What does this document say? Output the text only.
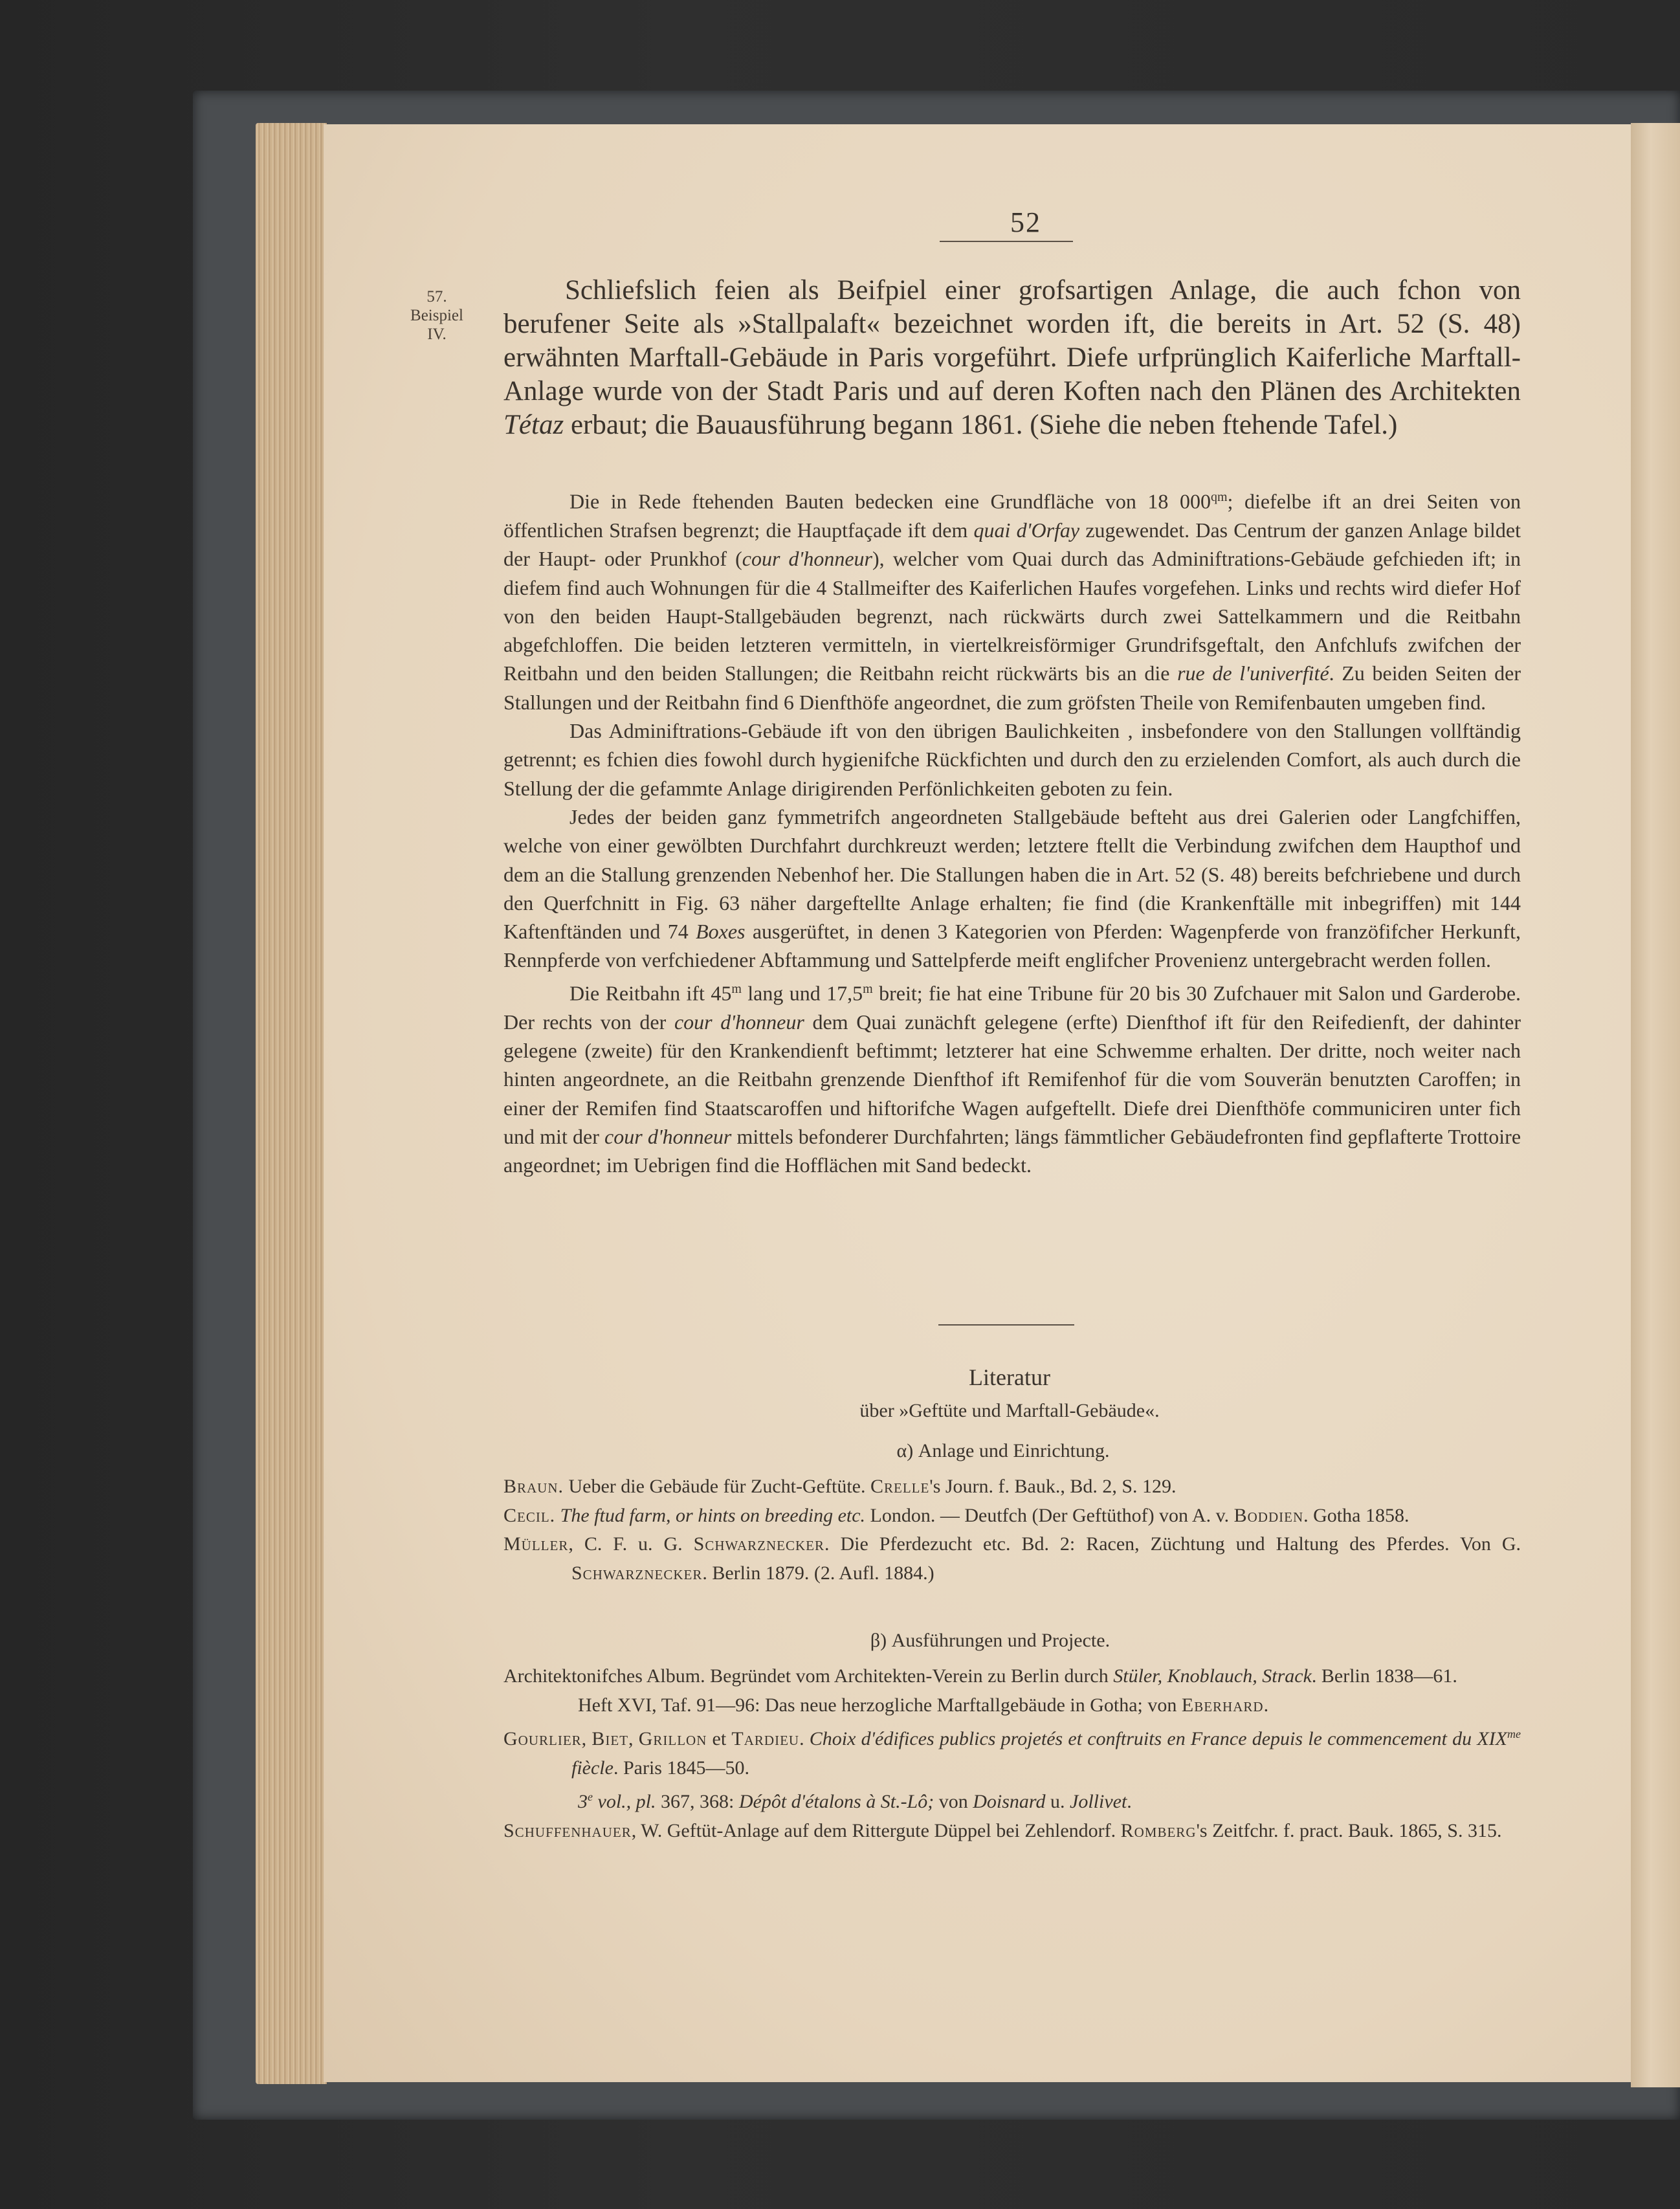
52
57.
Beispiel
IV.

Schliefslich feien als Beifpiel einer grofsartigen Anlage, die auch fchon von berufener Seite als »Stallpalaft« bezeichnet worden ift, die bereits in Art. 52 (S. 48) erwähnten Marftall-Gebäude in Paris vorgeführt. Diefe urfprünglich Kaiferliche Marftall-Anlage wurde von der Stadt Paris und auf deren Koften nach den Plänen des Architekten Tétaz erbaut; die Bauausführung begann 1861. (Siehe die neben ftehende Tafel.)

Die in Rede ftehenden Bauten bedecken eine Grundfläche von 18 $000^{qm}$; diefelbe ift an drei Seiten von öffentlichen Strafsen begrenzt; die Hauptfaçade ift dem quai d'Orfay zugewendet. Das Centrum der ganzen Anlage bildet der Haupt- oder Prunkhof (cour d'honneur), welcher vom Quai durch das Adminiftrations-Gebäude gefchieden ift; in diefem find auch Wohnungen für die 4 Stallmeifter des Kaiferlichen Haufes vorgefehen. Links und rechts wird diefer Hof von den beiden Haupt-Stallgebäuden begrenzt, nach rückwärts durch zwei Sattelkammern und die Reitbahn abgefchloffen. Die beiden letzteren vermitteln, in viertelkreisförmiger Grundrifsgeftalt, den Anfchlufs zwifchen der Reitbahn und den beiden Stallungen; die Reitbahn reicht rückwärts bis an die rue de l'univerfité. Zu beiden Seiten der Stallungen und der Reitbahn find 6 Dienfthöfe angeordnet, die zum gröfsten Theile von Remifenbauten umgeben find.

Das Adminiftrations-Gebäude ift von den übrigen Baulichkeiten , insbefondere von den Stallungen vollftändig getrennt; es fchien dies fowohl durch hygienifche Rückfichten und durch den zu erzielenden Comfort, als auch durch die Stellung der die gefammte Anlage dirigirenden Perfönlichkeiten geboten zu fein.

Jedes der beiden ganz fymmetrifch angeordneten Stallgebäude befteht aus drei Galerien oder Langfchiffen, welche von einer gewölbten Durchfahrt durchkreuzt werden; letztere ftellt die Verbindung zwifchen dem Haupthof und dem an die Stallung grenzenden Nebenhof her. Die Stallungen haben die in Art. 52 (S. 48) bereits befchriebene und durch den Querfchnitt in Fig. 63 näher dargeftellte Anlage erhalten; fie find (die Krankenftälle mit inbegriffen) mit 144 Kaftenftänden und 74 Boxes ausgerüftet, in denen 3 Kategorien von Pferden: Wagenpferde von franzöfifcher Herkunft, Rennpferde von verfchiedener Abftammung und Sattelpferde meift englifcher Provenienz untergebracht werden follen.

Die Reitbahn ift 45$^m$ lang und 17,5$^m$ breit; fie hat eine Tribune für 20 bis 30 Zufchauer mit Salon und Garderobe. Der rechts von der cour d'honneur dem Quai zunächft gelegene (erfte) Dienfthof ift für den Reifedienft, der dahinter gelegene (zweite) für den Krankendienft beftimmt; letzterer hat eine Schwemme erhalten. Der dritte, noch weiter nach hinten angeordnete, an die Reitbahn grenzende Dienfthof ift Remifenhof für die vom Souverän benutzten Caroffen; in einer der Remifen find Staatscaroffen und hiftorifche Wagen aufgeftellt. Diefe drei Dienfthöfe communiciren unter fich und mit der cour d'honneur mittels befonderer Durchfahrten; längs fämmtlicher Gebäudefronten find gepflafterte Trottoire angeordnet; im Uebrigen find die Hofflächen mit Sand bedeckt.

Literatur
über »Geftüte und Marftall-Gebäude«.
α) Anlage und Einrichtung.

Braun. Ueber die Gebäude für Zucht-Geftüte. Crelle's Journ. f. Bauk., Bd. 2, S. 129.

Cecil. The ftud farm, or hints on breeding etc. London. — Deutfch (Der Geftüthof) von A. v. Boddien. Gotha 1858.

Müller, C. F. u. G. Schwarznecker. Die Pferdezucht etc. Bd. 2: Racen, Züchtung und Haltung des Pferdes. Von G. Schwarznecker. Berlin 1879. (2. Aufl. 1884.)

β) Ausführungen und Projecte.

Architektonifches Album. Begründet vom Architekten-Verein zu Berlin durch Stüler, Knoblauch, Strack. Berlin 1838—61.

Heft XVI, Taf. 91—96: Das neue herzogliche Marftallgebäude in Gotha; von Eberhard.

Gourlier, Biet, Grillon et Tardieu. Choix d'édifices publics projetés et conftruits en France depuis le commencement du $XIX^{me}$ fiècle. Paris 1845—50.

3e vol., pl. 367, 368: Dépôt d'étalons à St.-Lô; von Doisnard u. Jollivet.

Schuffenhauer, W. Geftüt-Anlage auf dem Rittergute Düppel bei Zehlendorf. Romberg's Zeitfchr. f. pract. Bauk. 1865, S. 315.
